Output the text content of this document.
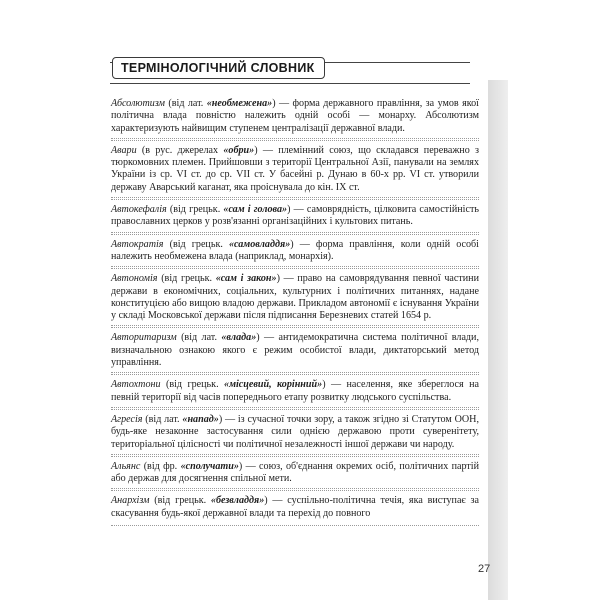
ТЕРМІНОЛОГІЧНИЙ СЛОВНИК
Абсолютизм (від лат. «необмежена») — форма державного правління, за умов якої політична влада повністю належить одній особі — монарху. Абсолютизм характеризують найвищим ступенем централізації державної влади.
Авари (в рус. джерелах «обри») — племінний союз, що складався переважно з тюркомовних племен. Прийшовши з території Центральної Азії, панували на землях України із ср. VI ст. до ср. VII ст. У басейні р. Дунаю в 60-х pp. VI ст. утворили державу Аварський каганат, яка проіснувала до кін. IX ст.
Автокефалія (від грецьк. «сам і голова») — самоврядність, цілковита самостійність православних церков у розв'язанні організаційних і культових питань.
Автократія (від грецьк. «самовладдя») — форма правління, коли одній особі належить необмежена влада (наприклад, монархія).
Автономія (від грецьк. «сам і закон») — право на самоврядування певної частини держави в економічних, соціальних, культурних і політичних питаннях, надане конституцією або вищою владою держави. Прикладом автономії є існування України у складі Московської держави після підписання Березневих статей 1654 р.
Авторитаризм (від лат. «влада») — антидемократична система політичної влади, визначальною ознакою якого є режим особистої влади, диктаторський метод управління.
Автохтони (від грецьк. «місцевий, корінний») — населення, яке збереглося на певній території від часів попереднього етапу розвитку людського суспільства.
Агресія (від лат. «напад») — із сучасної точки зору, а також згідно зі Статутом ООН, будь-яке незаконне застосування сили однією державою проти суверенітету, територіальної цілісності чи політичної незалежності іншої держави чи народу.
Альянс (від фр. «сполучати») — союз, об'єднання окремих осіб, політичних партій або держав для досягнення спільної мети.
Анархізм (від грецьк. «безвладдя») — суспільно-політична течія, яка виступає за скасування будь-якої державної влади та перехід до повного
27
